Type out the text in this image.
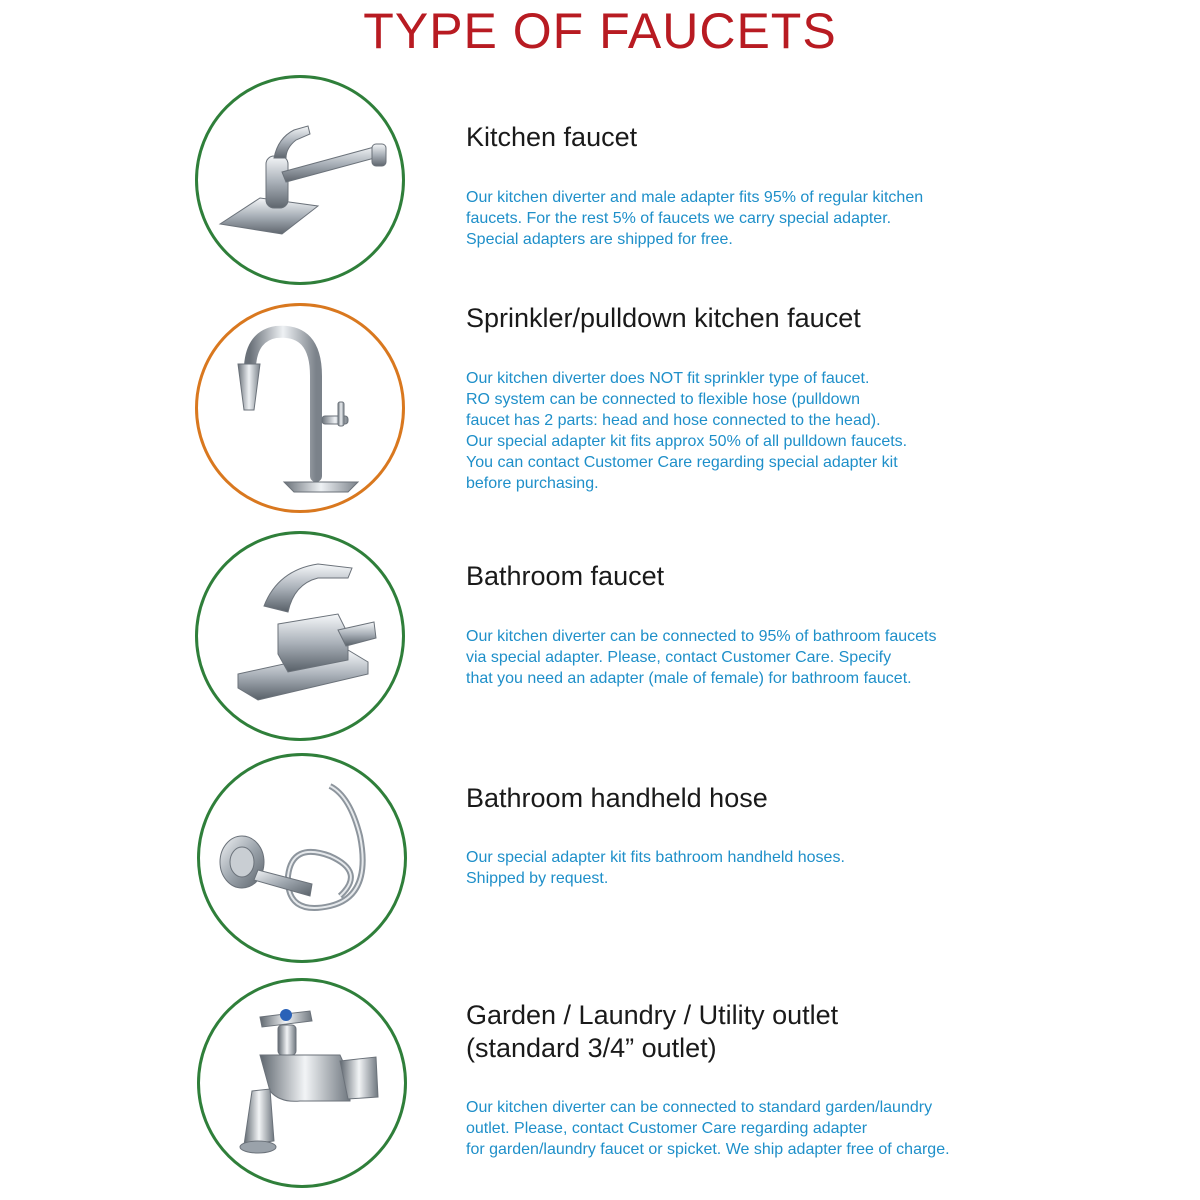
TYPE OF FAUCETS
Kitchen faucet
Our kitchen diverter and male adapter fits 95% of regular kitchen
faucets. For the rest 5% of faucets we carry special adapter.
Special adapters are shipped for free.
Sprinkler/pulldown kitchen faucet
Our kitchen diverter does NOT fit sprinkler type of faucet.
RO system can be connected to flexible hose (pulldown
faucet has 2 parts: head and hose connected to the head).
Our special adapter kit fits approx 50% of all pulldown faucets.
You can contact Customer Care regarding special adapter kit
before purchasing.
Bathroom faucet
Our kitchen diverter can be connected to 95% of bathroom faucets
via special adapter. Please, contact Customer Care. Specify
that you need an adapter (male of female) for bathroom faucet.
Bathroom handheld hose
Our special adapter kit fits bathroom handheld hoses.
Shipped by request.
Garden / Laundry / Utility outlet
(standard 3/4” outlet)
Our kitchen diverter can be connected to standard garden/laundry
outlet. Please, contact Customer Care regarding adapter
for garden/laundry faucet or spicket. We ship adapter free of charge.
